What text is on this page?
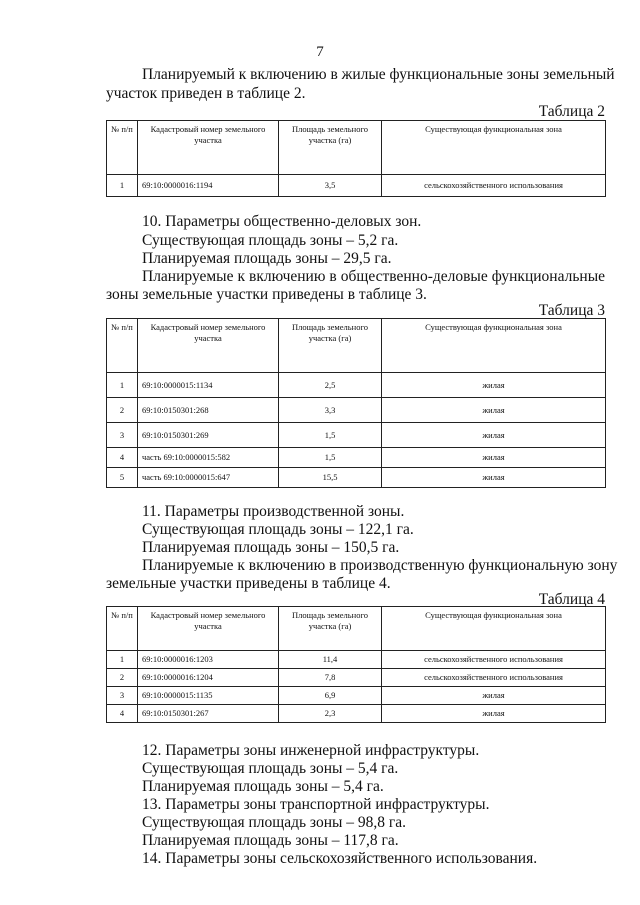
7
Планируемый к включению в жилые функциональные зоны земельный
участок приведен в таблице 2.
Таблица 2
№ п/п	Кадастровый номер земельного участка	Площадь земельного участка (га)	Существующая функциональная зона
1	69:10:0000016:1194	3,5	сельскохозяйственного использования
10. Параметры общественно-деловых зон.
Существующая площадь зоны – 5,2 га.
Планируемая площадь зоны – 29,5 га.
Планируемые к включению в общественно-деловые функциональные
зоны земельные участки приведены в таблице 3.
Таблица 3
№ п/п	Кадастровый номер земельного участка	Площадь земельного участка (га)	Существующая функциональная зона
1	69:10:0000015:1134	2,5	жилая
2	69:10:0150301:268	3,3	жилая
3	69:10:0150301:269	1,5	жилая
4	часть 69:10:0000015:582	1,5	жилая
5	часть 69:10:0000015:647	15,5	жилая
11. Параметры производственной зоны.
Существующая площадь зоны – 122,1 га.
Планируемая площадь зоны – 150,5 га.
Планируемые к включению в производственную функциональную зону
земельные участки приведены в таблице 4.
Таблица 4
№ п/п	Кадастровый номер земельного участка	Площадь земельного участка (га)	Существующая функциональная зона
1	69:10:0000016:1203	11,4	сельскохозяйственного использования
2	69:10:0000016:1204	7,8	сельскохозяйственного использования
3	69:10:0000015:1135	6,9	жилая
4	69:10:0150301:267	2,3	жилая
12. Параметры зоны инженерной инфраструктуры.
Существующая площадь зоны – 5,4 га.
Планируемая площадь зоны – 5,4 га.
13. Параметры зоны транспортной инфраструктуры.
Существующая площадь зоны – 98,8 га.
Планируемая площадь зоны – 117,8 га.
14. Параметры зоны сельскохозяйственного использования.
